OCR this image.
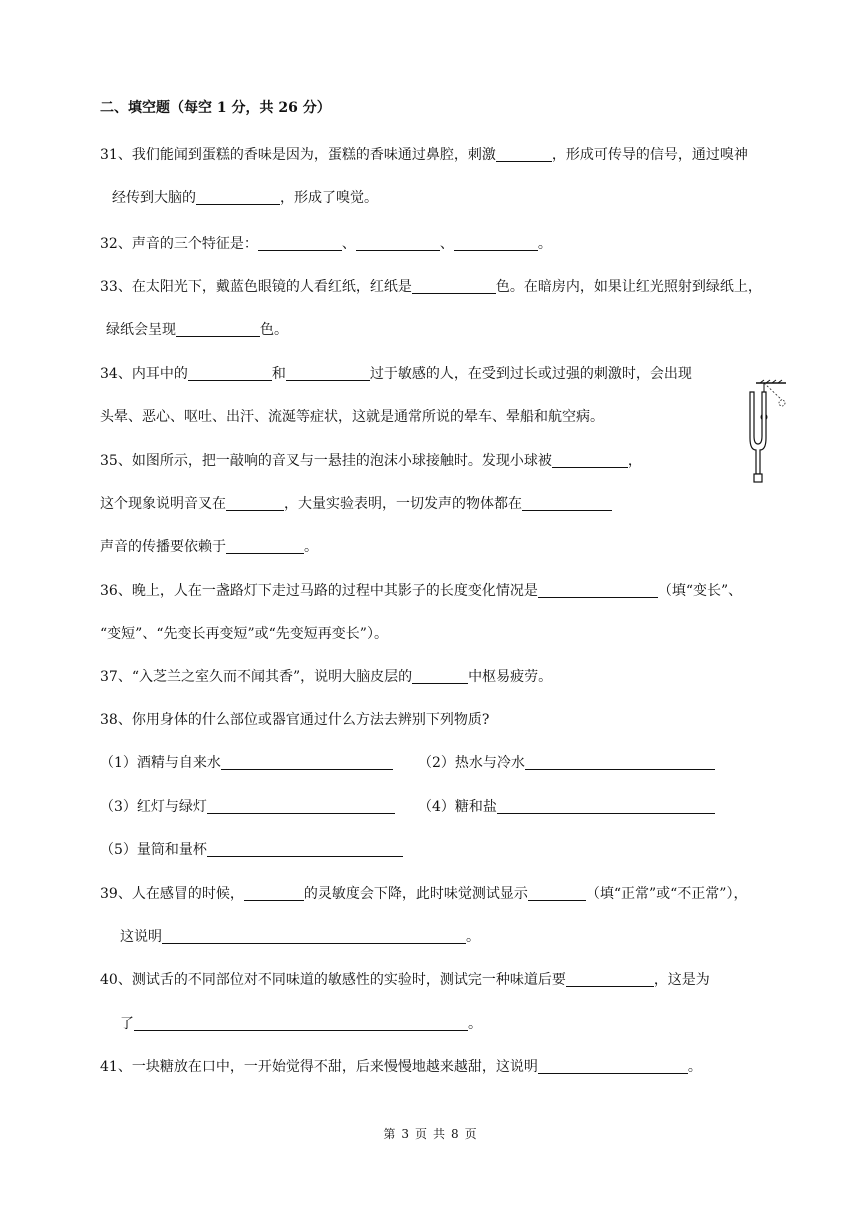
二、填空题（每空 1 分，共 26 分）
31、我们能闻到蛋糕的香味是因为，蛋糕的香味通过鼻腔，刺激	，形成可传导的信号，通过嗅神
经传到大脑的	，形成了嗅觉。
32、声音的三个特征是：	、	、	。
33、在太阳光下，戴蓝色眼镜的人看红纸，红纸是	色。在暗房内，如果让红光照射到绿纸上，
绿纸会呈现	色。
34、内耳中的	和	过于敏感的人，在受到过长或过强的刺激时，会出现
头晕、恶心、呕吐、出汗、流涎等症状，这就是通常所说的晕车、晕船和航空病。
35、如图所示，把一敲响的音叉与一悬挂的泡沫小球接触时。发现小球被	，
这个现象说明音叉在	，大量实验表明，一切发声的物体都在
声音的传播要依赖于	。
36、晚上，人在一盏路灯下走过马路的过程中其影子的长度变化情况是	（填“变长”、
“变短”、“先变长再变短”或“先变短再变长”）。
37、“入芝兰之室久而不闻其香”，说明大脑皮层的	中枢易疲劳。
38、你用身体的什么部位或器官通过什么方法去辨别下列物质?
（1）酒精与自来水	（2）热水与冷水
（3）红灯与绿灯	（4）糖和盐
（5）量筒和量杯
39、人在感冒的时候，	的灵敏度会下降，此时味觉测试显示	（填“正常”或“不正常”），
这说明	。
40、测试舌的不同部位对不同味道的敏感性的实验时，测试完一种味道后要	，这是为
了	。
41、一块糖放在口中，一开始觉得不甜，后来慢慢地越来越甜，这说明	。
第 3 页 共 8 页
